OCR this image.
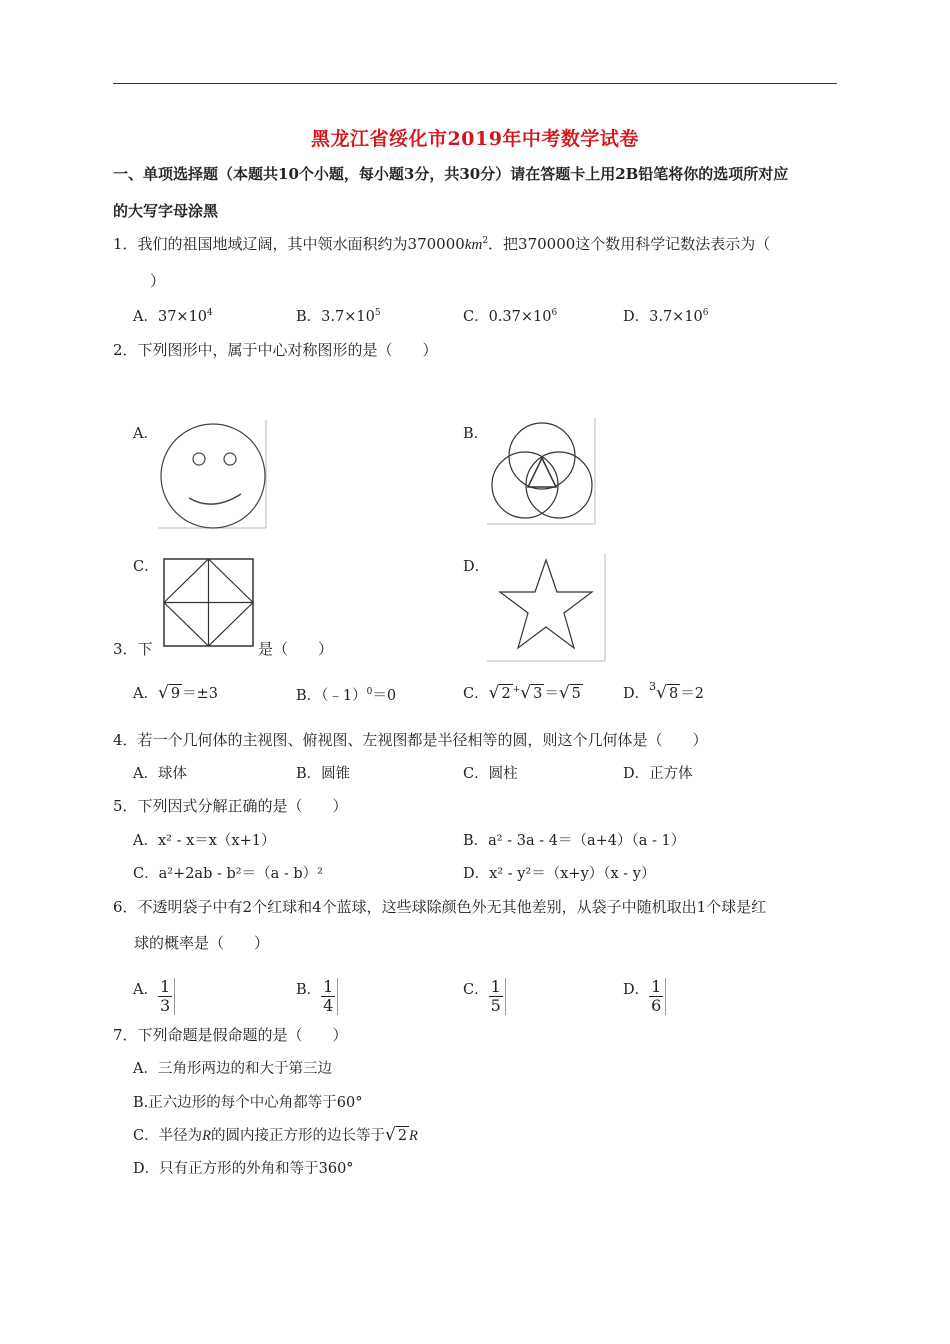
黑龙江省绥化市2019年中考数学试卷
一、单项选择题（本题共10个小题，每小题3分，共30分）请在答题卡上用2B铅笔将你的选项所对应
的大写字母涂黑
1．我们的祖国地域辽阔，其中领水面积约为$370000km^2$．把370000这个数用科学记数法表示为（
）
A．$37\times 10^4$	B．$3.7\times 10^5$	C．$0.37\times 10^6$	D．$3.7\times 10^6$
2．下列图形中，属于中心对称图形的是（　　）
A．	B．
C．	D．
3．下	是（　　）
A．√ 9 ＝±3	B．（﹣1）$^0$＝0	C．√ 2 +√ 3 ＝√ 5	D．$^3$√ 8 ＝2
4．若一个几何体的主视图、俯视图、左视图都是半径相等的圆，则这个几何体是（　　）
A．球体	B．圆锥	C．圆柱	D．正方体
5．下列因式分解正确的是（　　）
A．x² - x＝x（x+1）	B．a² - 3a - 4＝（a+4）（a - 1）
C．a²+2ab - b²＝（a - b）²	D．x² - y²＝（x+y）（x - y）
6．不透明袋子中有2个红球和4个蓝球，这些球除颜色外无其他差别，从袋子中随机取出1个球是红
球的概率是（　　）
A． $\frac{1}{3}$	B． $\frac{1}{4}$	C． $\frac{1}{5}$	D． $\frac{1}{6}$
7．下列命题是假命题的是（　　）
A．三角形两边的和大于第三边
B.正六边形的每个中心角都等于60°
C．半径为R的圆内接正方形的边长等于√ 2 R
D．只有正方形的外角和等于360°
